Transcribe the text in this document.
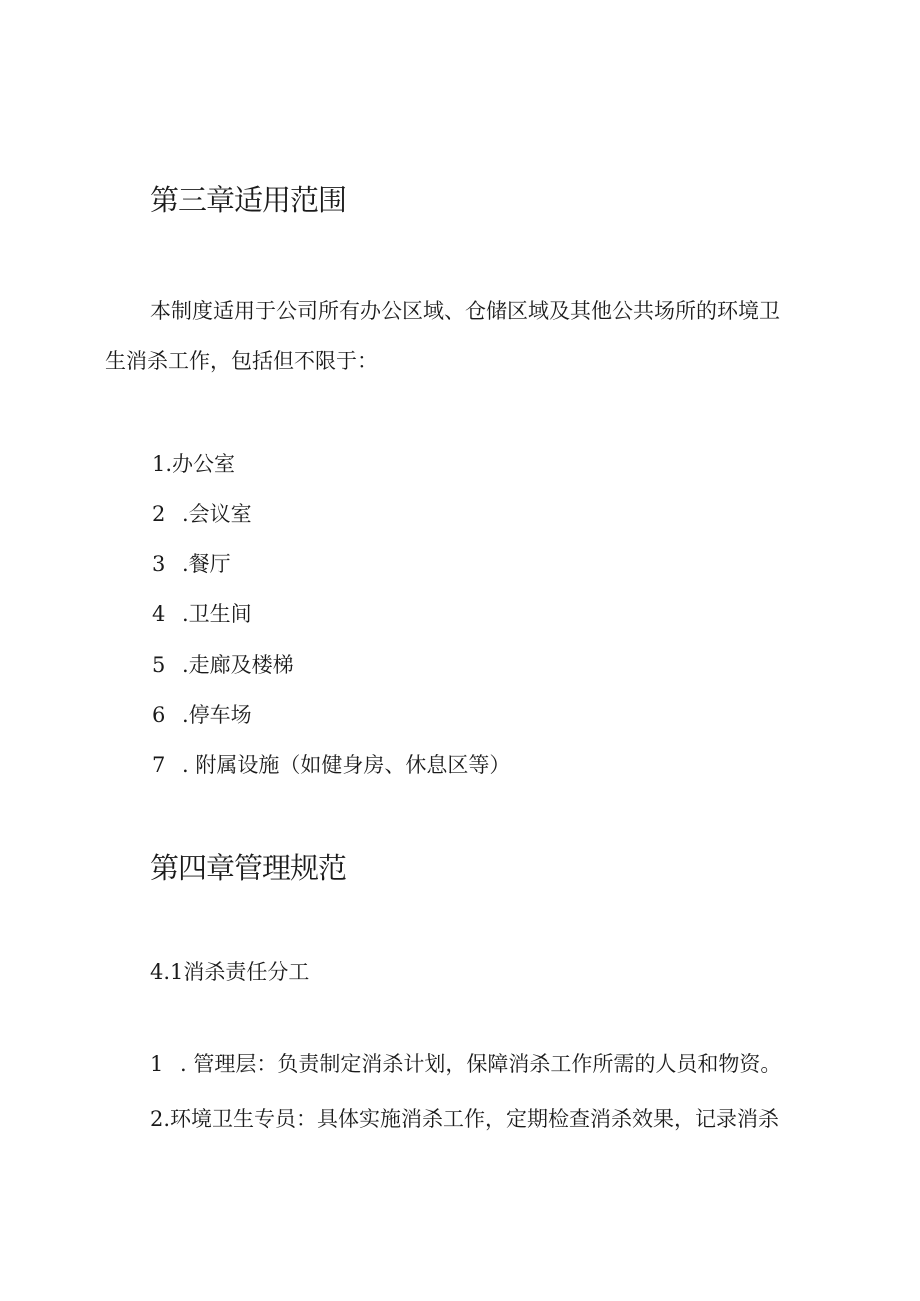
第三章适用范围

本制度适用于公司所有办公区域、仓储区域及其他公共场所的环境卫

生消杀工作，包括但不限于：

1.办公室

2 .会议室

3 .餐厅

4 .卫生间

5 .走廊及楼梯

6 .停车场

7 . 附属设施（如健身房、休息区等）

第四章管理规范

4.1消杀责任分工

1 . 管理层：负责制定消杀计划，保障消杀工作所需的人员和物资。

2.环境卫生专员：具体实施消杀工作，定期检查消杀效果，记录消杀
